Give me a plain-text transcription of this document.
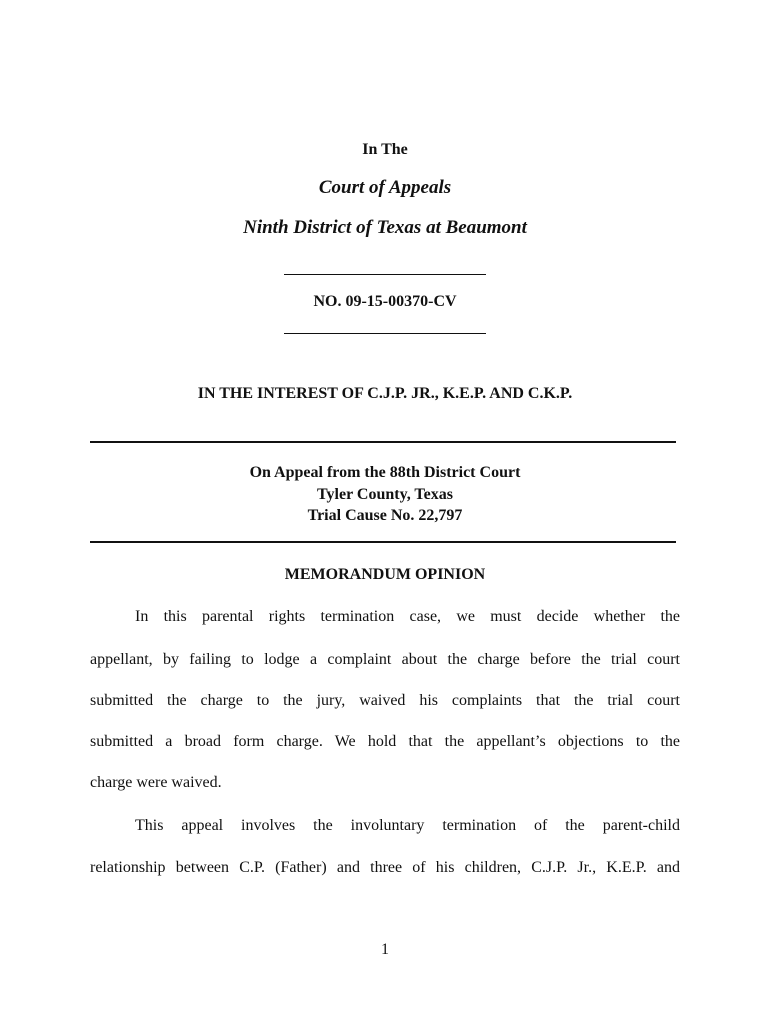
In The
Court of Appeals
Ninth District of Texas at Beaumont
NO. 09-15-00370-CV
IN THE INTEREST OF C.J.P. JR., K.E.P. AND C.K.P.
On Appeal from the 88th District Court
Tyler County, Texas
Trial Cause No. 22,797
MEMORANDUM OPINION
In this parental rights termination case, we must decide whether the
appellant, by failing to lodge a complaint about the charge before the trial court
submitted the charge to the jury, waived his complaints that the trial court
submitted a broad form charge. We hold that the appellant’s objections to the
charge were waived.
This appeal involves the involuntary termination of the parent-child
relationship between C.P. (Father) and three of his children, C.J.P. Jr., K.E.P. and
1
